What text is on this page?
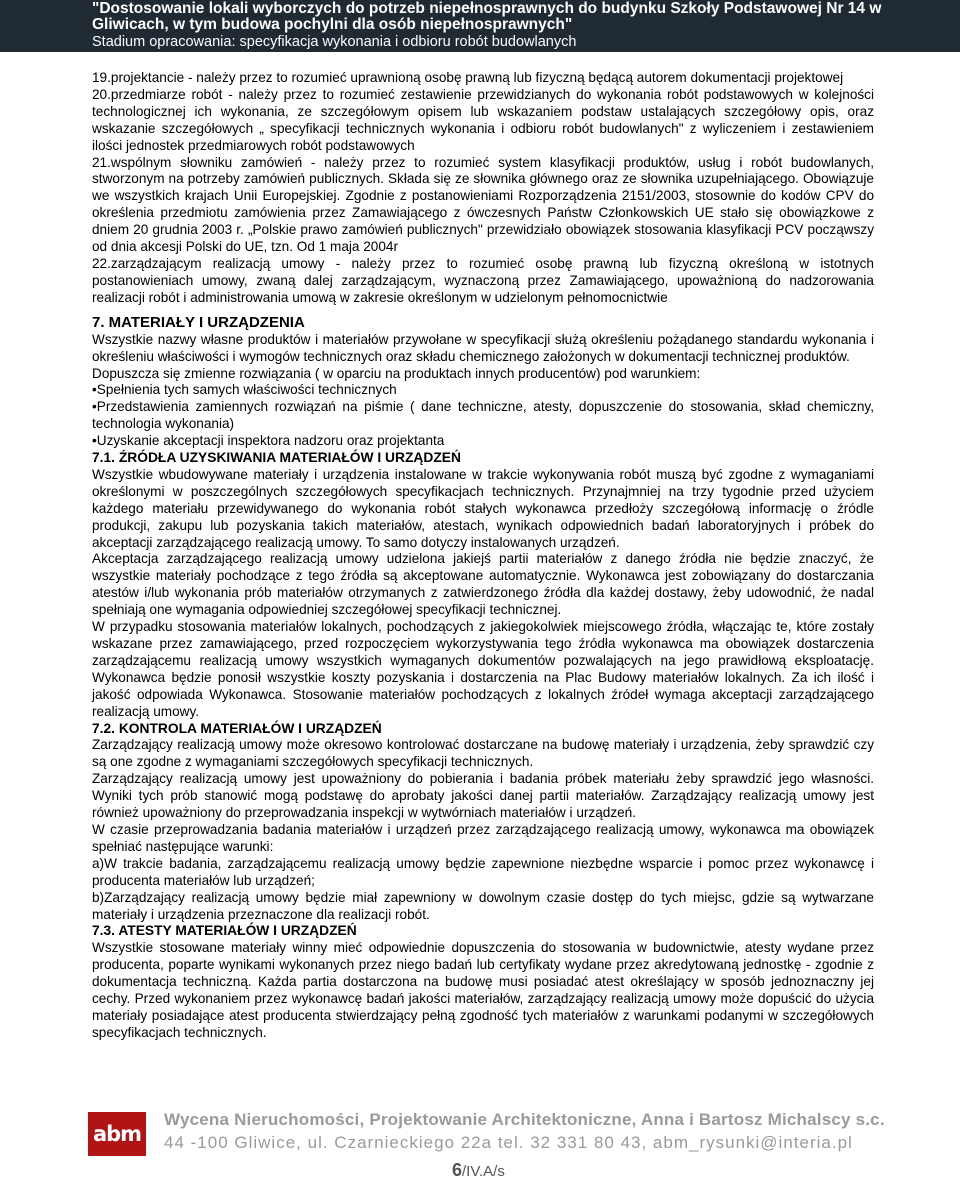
"Dostosowanie lokali wyborczych do potrzeb niepełnosprawnych do budynku Szkoły Podstawowej Nr 14 w
Gliwicach, w tym budowa pochylni dla osób niepełnosprawnych"
Stadium opracowania: specyfikacja wykonania i odbioru robót budowlanych

19.projektancie - należy przez to rozumieć uprawnioną osobę prawną lub fizyczną będącą autorem dokumentacji projektowej

20.przedmiarze robót - należy przez to rozumieć zestawienie przewidzianych do wykonania robót podstawowych w kolejności technologicznej ich wykonania, ze szczegółowym opisem lub wskazaniem podstaw ustalających szczegółowy opis, oraz wskazanie szczegółowych „ specyfikacji technicznych wykonania i odbioru robót budowlanych" z wyliczeniem i zestawieniem ilości jednostek przedmiarowych robót podstawowych

21.wspólnym słowniku zamówień - należy przez to rozumieć system klasyfikacji produktów, usług i robót budowlanych, stworzonym na potrzeby zamówień publicznych. Składa się ze słownika głównego oraz ze słownika uzupełniającego. Obowiązuje we wszystkich krajach Unii Europejskiej. Zgodnie z postanowieniami Rozporządzenia 2151/2003, stosownie do kodów CPV do określenia przedmiotu zamówienia przez Zamawiającego z ówczesnych Państw Członkowskich UE stało się obowiązkowe z dniem 20 grudnia 2003 r. „Polskie prawo zamówień publicznych" przewidziało obowiązek stosowania klasyfikacji PCV począwszy od dnia akcesji Polski do UE, tzn. Od 1 maja 2004r

22.zarządzającym realizacją umowy - należy przez to rozumieć osobę prawną lub fizyczną określoną w istotnych postanowieniach umowy, zwaną dalej zarządzającym, wyznaczoną przez Zamawiającego, upoważnioną do nadzorowania realizacji robót i administrowania umową w zakresie określonym w udzielonym pełnomocnictwie

7. MATERIAŁY I URZĄDZENIA

Wszystkie nazwy własne produktów i materiałów przywołane w specyfikacji służą określeniu pożądanego standardu wykonania i określeniu właściwości i wymogów technicznych oraz składu chemicznego założonych w dokumentacji technicznej produktów.

Dopuszcza się zmienne rozwiązania ( w oparciu na produktach innych producentów) pod warunkiem:

•Spełnienia tych samych właściwości technicznych

•Przedstawienia zamiennych rozwiązań na piśmie ( dane techniczne, atesty, dopuszczenie do stosowania, skład chemiczny, technologia wykonania)

•Uzyskanie akceptacji inspektora nadzoru oraz projektanta

7.1. ŹRÓDŁA UZYSKIWANIA MATERIAŁÓW I URZĄDZEŃ

Wszystkie wbudowywane materiały i urządzenia instalowane w trakcie wykonywania robót muszą być zgodne z wymaganiami określonymi w poszczególnych szczegółowych specyfikacjach technicznych. Przynajmniej na trzy tygodnie przed użyciem każdego materiału przewidywanego do wykonania robót stałych wykonawca przedłoży szczegółową informację o źródle produkcji, zakupu lub pozyskania takich materiałów, atestach, wynikach odpowiednich badań laboratoryjnych i próbek do akceptacji zarządzającego realizacją umowy. To samo dotyczy instalowanych urządzeń.

Akceptacja zarządzającego realizacją umowy udzielona jakiejś partii materiałów z danego źródła nie będzie znaczyć, że wszystkie materiały pochodzące z tego źródła są akceptowane automatycznie. Wykonawca jest zobowiązany do dostarczania atestów i/lub wykonania prób materiałów otrzymanych z zatwierdzonego źródła dla każdej dostawy, żeby udowodnić, że nadal spełniają one wymagania odpowiedniej szczegółowej specyfikacji technicznej.

W przypadku stosowania materiałów lokalnych, pochodzących z jakiegokolwiek miejscowego źródła, włączając te, które zostały wskazane przez zamawiającego, przed rozpoczęciem wykorzystywania tego źródła wykonawca ma obowiązek dostarczenia zarządzającemu realizacją umowy wszystkich wymaganych dokumentów pozwalających na jego prawidłową eksploatację. Wykonawca będzie ponosił wszystkie koszty pozyskania i dostarczenia na Plac Budowy materiałów lokalnych. Za ich ilość i jakość odpowiada Wykonawca. Stosowanie materiałów pochodzących z lokalnych źródeł wymaga akceptacji zarządzającego realizacją umowy.

7.2. KONTROLA MATERIAŁÓW I URZĄDZEŃ

Zarządzający realizacją umowy może okresowo kontrolować dostarczane na budowę materiały i urządzenia, żeby sprawdzić czy są one zgodne z wymaganiami szczegółowych specyfikacji technicznych.

Zarządzający realizacją umowy jest upoważniony do pobierania i badania próbek materiału żeby sprawdzić jego własności. Wyniki tych prób stanowić mogą podstawę do aprobaty jakości danej partii materiałów. Zarządzający realizacją umowy jest również upoważniony do przeprowadzania inspekcji w wytwórniach materiałów i urządzeń.

W czasie przeprowadzania badania materiałów i urządzeń przez zarządzającego realizacją umowy, wykonawca ma obowiązek spełniać następujące warunki:

a)W trakcie badania, zarządzającemu realizacją umowy będzie zapewnione niezbędne wsparcie i pomoc przez wykonawcę i producenta materiałów lub urządzeń;

b)Zarządzający realizacją umowy będzie miał zapewniony w dowolnym czasie dostęp do tych miejsc, gdzie są wytwarzane materiały i urządzenia przeznaczone dla realizacji robót.

7.3. ATESTY MATERIAŁÓW I URZĄDZEŃ

Wszystkie stosowane materiały winny mieć odpowiednie dopuszczenia do stosowania w budownictwie, atesty wydane przez producenta, poparte wynikami wykonanych przez niego badań lub certyfikaty wydane przez akredytowaną jednostkę - zgodnie z dokumentacja techniczną. Każda partia dostarczona na budowę musi posiadać atest określający w sposób jednoznaczny jej cechy. Przed wykonaniem przez wykonawcę badań jakości materiałów, zarządzający realizacją umowy może dopuścić do użycia materiały posiadające atest producenta stwierdzający pełną zgodność tych materiałów z warunkami podanymi w szczegółowych specyfikacjach technicznych.

abm
Wycena Nieruchomości, Projektowanie Architektoniczne, Anna i Bartosz Michalscy s.c.
44 -100 Gliwice, ul. Czarnieckiego 22a tel. 32 331 80 43, abm_rysunki@interia.pl
6/IV.A/s
